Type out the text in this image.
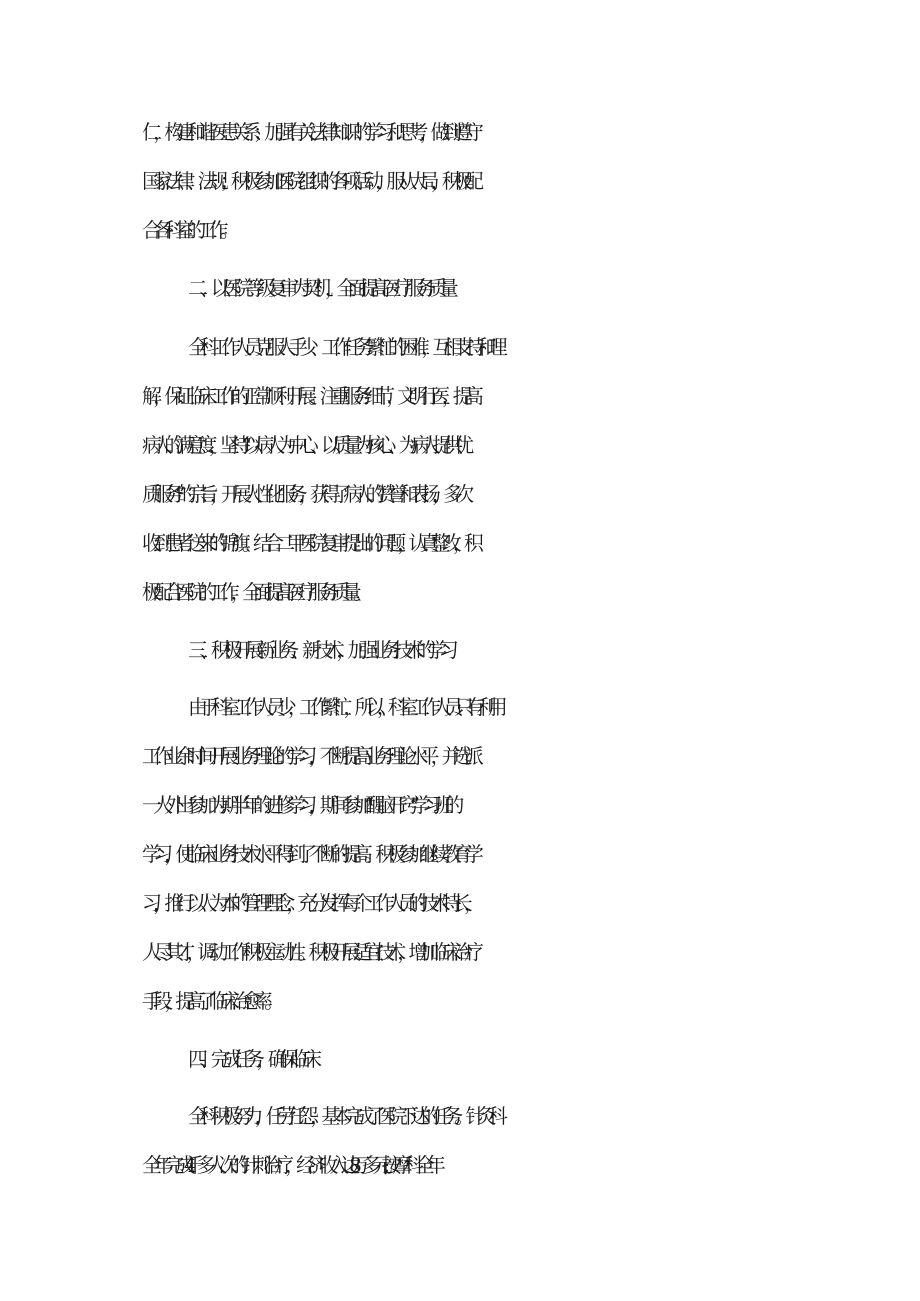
仁，构建和谐医患关系；加强有关法律知识的学习和思考，做到遵守
国家法律、法规；积极参加医院组织的各项活动，服从大局，积极配
合各科室的工作。
二、以医院等级复审为契机，全面提高医疗服务质量
全科工作人员克服人手少、工作任务繁忙的困难，互相支持和理
解，保证临床工作的正常顺利开展。注重服务细节，文明行医，提高
病人的满意度，坚持“以病人为中心、以质量为核心、为病人提供优
质服务”的宗旨，开展人性化服务，获得了病人的赞誉和表扬，多次
收到患者送来的锦旗。结合二甲医院复审提出的问题，认真整改，积
极配合医院的工作，全面提高医疗服务质量。
三、积极开展新业务、新技术，加强业务技术的学习
由于科室工作人员少，工作繁忙，所以，科室工作人员只有利用
工作业余时间开展业务理论的学习，不断提高业务理论水平，并选派
一人外出参加为期半年的进修学习，期间参加“醒脑开窍”学习班的
学习，使临床业务技术水平得到了不断的提高。积极参加继续教育学
习，推行以人为本的管理理念，充分发挥每个工作人员的技术特长，
人尽其才，调动工作积极主动性。积极开展适宜技术，增加临床治疗
手段，提高了临床治愈率。
四、完成任务，确保临床
全科积极努力，任劳任怨，基本完成了医院下达的任务。针灸科
全年完成 4 千多人次的针刺治疗，经济收入达 8 万多元;按摩科全年
